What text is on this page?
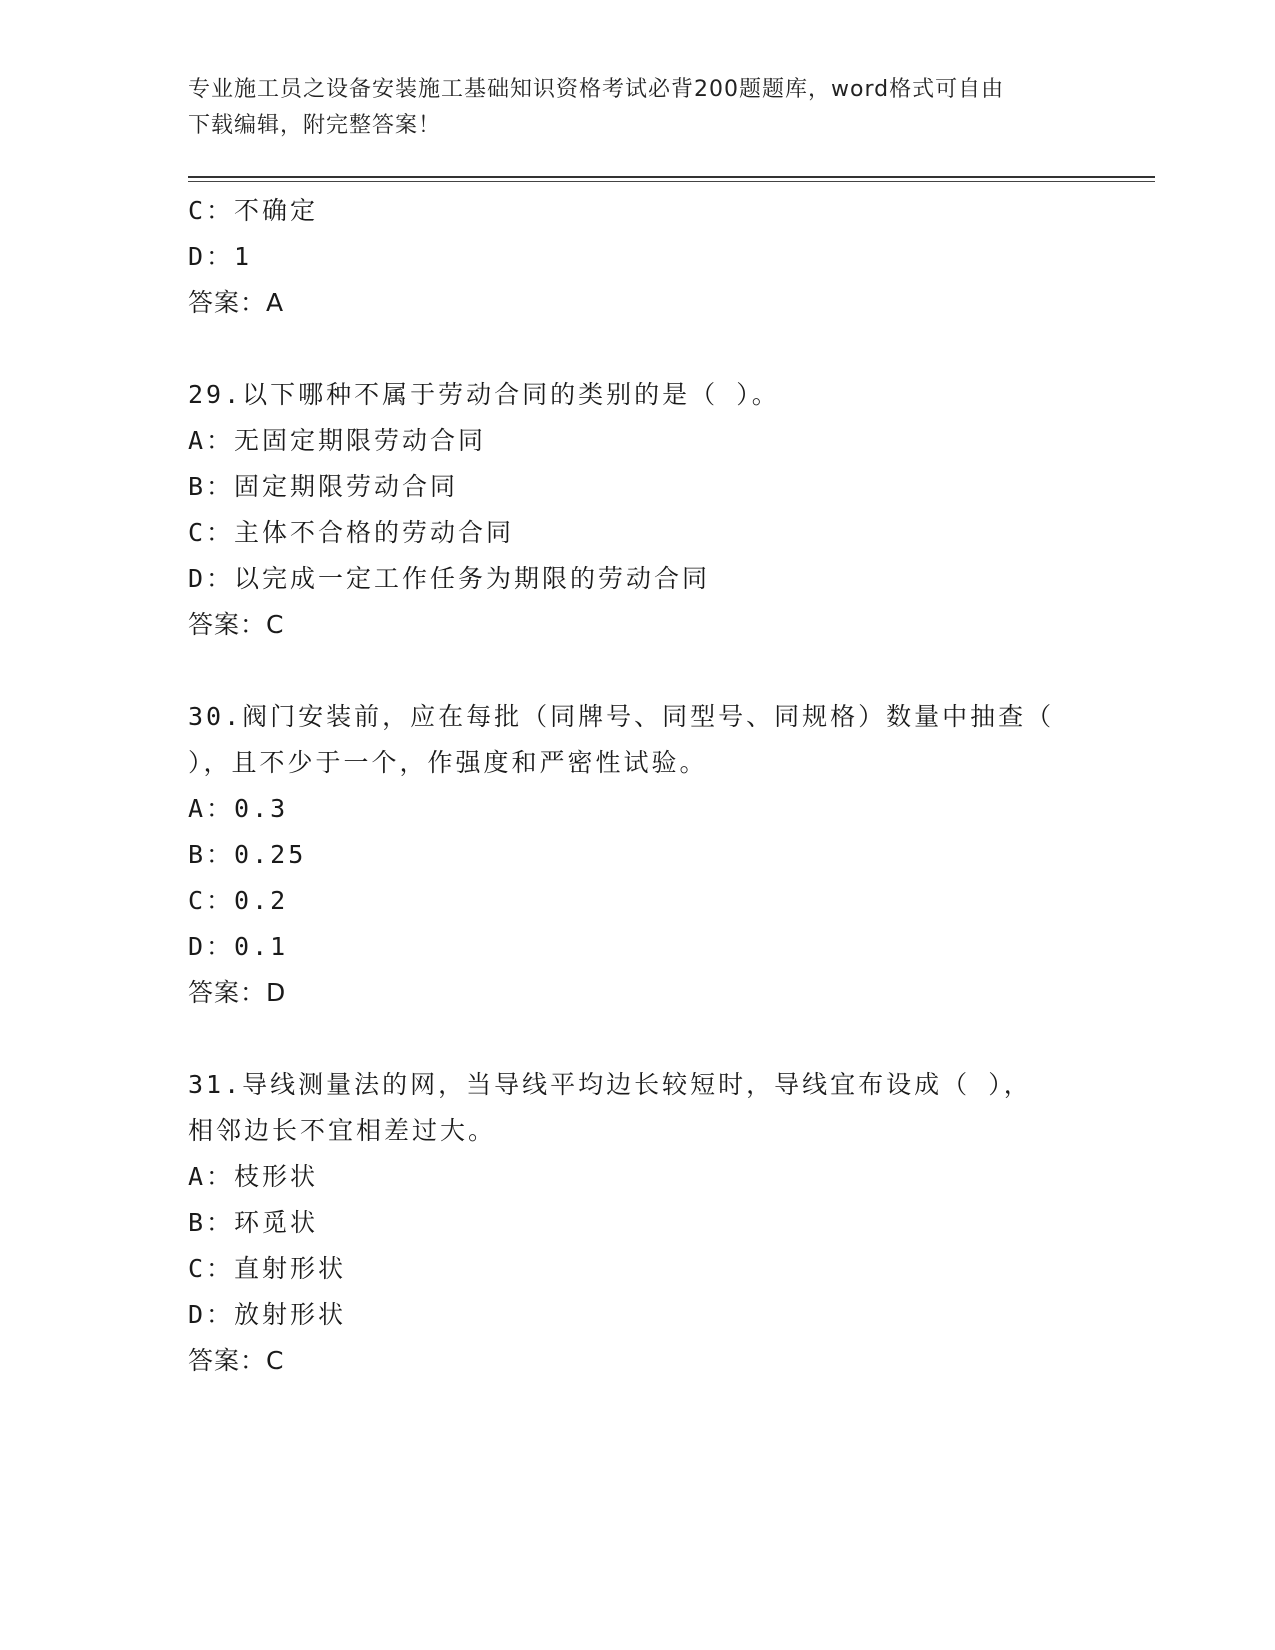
专业施工员之设备安装施工基础知识资格考试必背200题题库，word格式可自由
下载编辑，附完整答案！
C：不确定
D：1
答案：A
29.以下哪种不属于劳动合同的类别的是（ ）。
A：无固定期限劳动合同
B：固定期限劳动合同
C：主体不合格的劳动合同
D：以完成一定工作任务为期限的劳动合同
答案：C
30.阀门安装前，应在每批（同牌号、同型号、同规格）数量中抽查（
），且不少于一个，作强度和严密性试验。
A：0.3
B：0.25
C：0.2
D：0.1
答案：D
31.导线测量法的网，当导线平均边长较短时，导线宜布设成（ ），
相邻边长不宜相差过大。
A：枝形状
B：环觅状
C：直射形状
D：放射形状
答案：C
